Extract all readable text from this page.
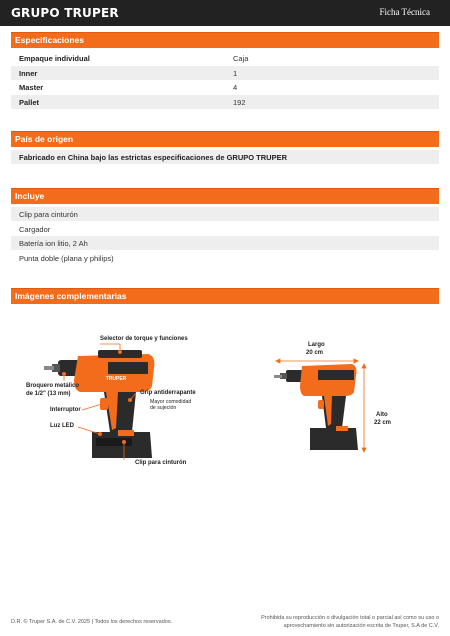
GRUPO TRUPER	Ficha Técnica
Especificaciones
Empaque individual	Caja
Inner	1
Master	4
Pallet	192
País de origen
Fabricado en China bajo las estrictas especificaciones de GRUPO TRUPER
Incluye
Clip para cinturón
Cargador
Batería ion litio, 2 Ah
Punta doble (plana y philips)
Imágenes complementarias
TRUPER
Selector de torque y funciones
Broquero metálico
de 1/2" (13 mm)	Grip antiderrapante
Mayor comodidad
de sujeción
Interruptor
Luz LED
Clip para cinturón
Largo
20 cm
Alto
22 cm
D.R. © Truper S.A. de C.V. 2025 | Todos los derechos reservados.
Prohibida su reproducción o divulgación total o parcial así como su uso o
aprovechamiento sin autorización escrita de Truper, S.A de C.V.
